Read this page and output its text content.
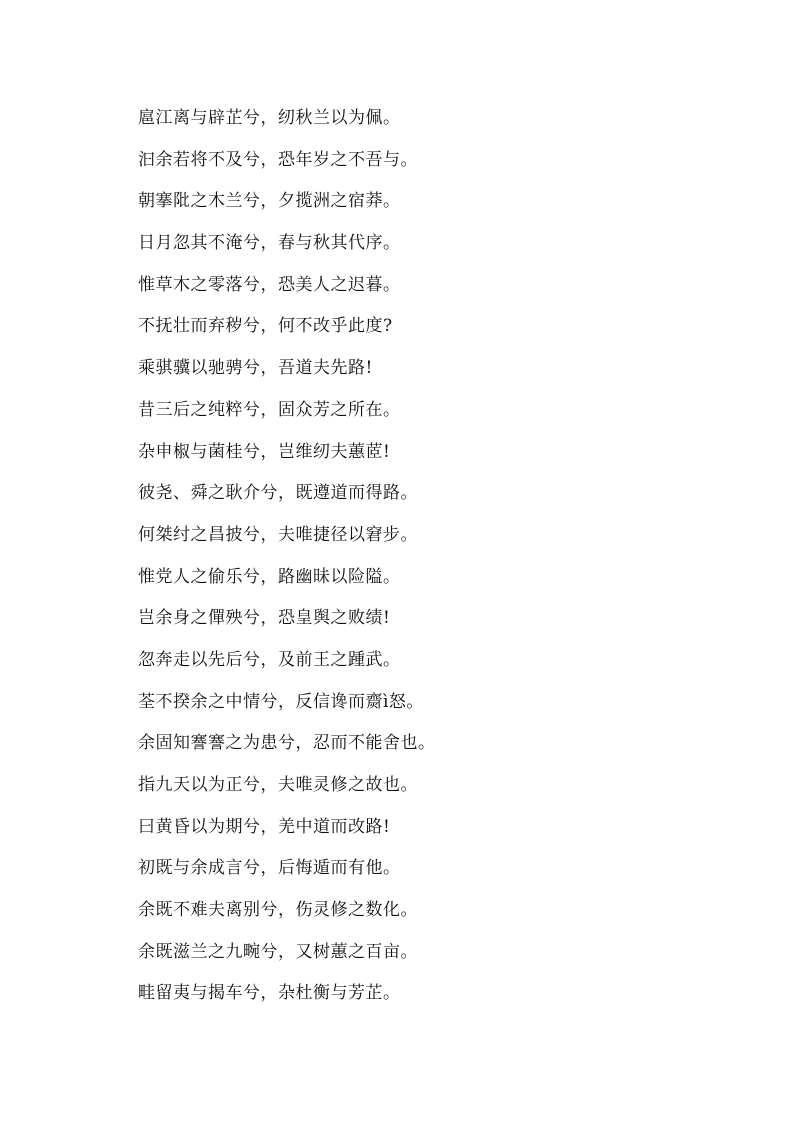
扈江离与辟芷兮，纫秋兰以为佩。
汩余若将不及兮，恐年岁之不吾与。
朝搴阰之木兰兮，夕揽洲之宿莽。
日月忽其不淹兮，春与秋其代序。
惟草木之零落兮，恐美人之迟暮。
不抚壮而弃秽兮，何不改乎此度?
乘骐骥以驰骋兮，吾道夫先路!
昔三后之纯粹兮，固众芳之所在。
杂申椒与菌桂兮，岂维纫夫蕙茝!
彼尧、舜之耿介兮，既遵道而得路。
何桀纣之昌披兮，夫唯捷径以窘步。
惟党人之偷乐兮，路幽昧以险隘。
岂余身之僤殃兮，恐皇舆之败绩!
忽奔走以先后兮，及前王之踵武。
荃不揆余之中情兮，反信谗而齌ì怒。
余固知謇謇之为患兮，忍而不能舍也。
指九天以为正兮，夫唯灵修之故也。
曰黄昏以为期兮，羌中道而改路!
初既与余成言兮，后悔遁而有他。
余既不难夫离别兮，伤灵修之数化。
余既滋兰之九畹兮，又树蕙之百亩。
畦留夷与揭车兮，杂杜衡与芳芷。
